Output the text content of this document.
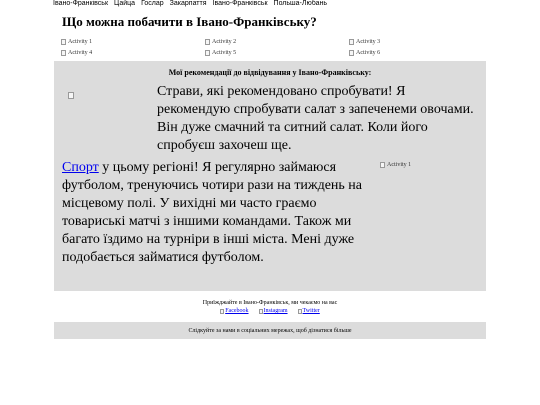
Івано-Франківськ Цайца Гослар Закарпаття Івано-Франківськ Польша-Любань
Що можна побачити в Івано-Франківську?
Activity 1	Activity 2	Activity 3
Activity 4	Activity 5	Activity 6
Мої рекомендації до відвідування у Івано-Франківську:

Страви, які рекомендовано спробувати! Я рекомендую спробувати салат з запеченеми овочами. Він дуже смачний та ситний салат. Коли його спробуєш захочеш ще.

Спорт у цьому регіоні! Я регулярно займаюся футболом, тренуючись чотири рази на тиждень на місцевому полі. У вихідні ми часто граємо товариські матчі з іншими командами. Також ми багато їздимо на турніри в інші міста. Мені дуже подобається займатися футболом.

Activity 1

Приїжджайте в Івано-Франківськ, ми чекаємо на вас

Facebook	Instagram	Twitter
Слідкуйте за нами в соціальних мережах, щоб дізнатися більше
